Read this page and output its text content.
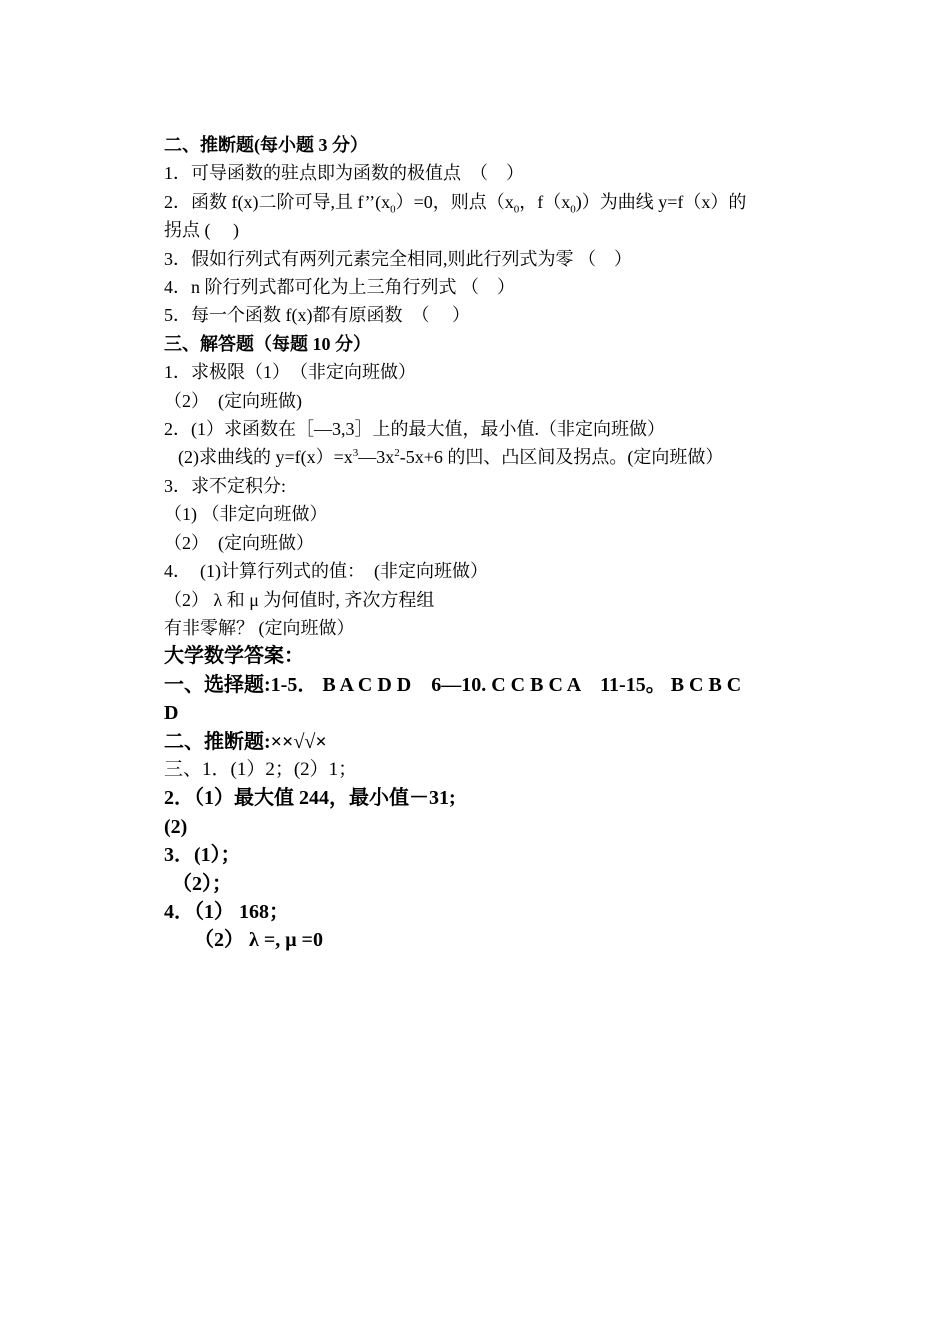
二、推断题(每小题 3 分）
1．可导函数的驻点即为函数的极值点　（　）
2．函数 f(x)二阶可导,且 $f’’(x_0)=0$，则点（$x_0$，$f(x_0)$）为曲线 y=f（x）的
拐点 (　 )
3．假如行列式有两列元素完全相同,则此行列式为零 （　）
4．n 阶行列式都可化为上三角行列式 （　）
5．每一个函数 f(x)都有原函数　（　 ）
三、解答题（每题 10 分）
1．求极限（1）　（非定向班做）
（2）　(定向班做)
2．(1）求函数在［—3,3］上的最大值，最小值.（非定向班做）
(2)求曲线的 $y=f(x)=x^3—3x^2-5x+6$ 的凹、凸区间及拐点。(定向班做）
3．求不定积分:
（1) （非定向班做）
（2）　(定向班做）
4．　(1)计算行列式的值：　(非定向班做）
（2） λ 和 μ 为何值时, 齐次方程组
有非零解？ (定向班做）
大学数学答案：
一、选择题:1-5． B A C D D　6—10. C C B C A　11-15。 B C B C
D
二、推断题:××√√×
三、1．(1）2；(2）1；
2．（1）最大值 244，最小值－31;
(2)
3．(1）；
（2）；
4．（1） 168；
（2） λ =, μ =0
